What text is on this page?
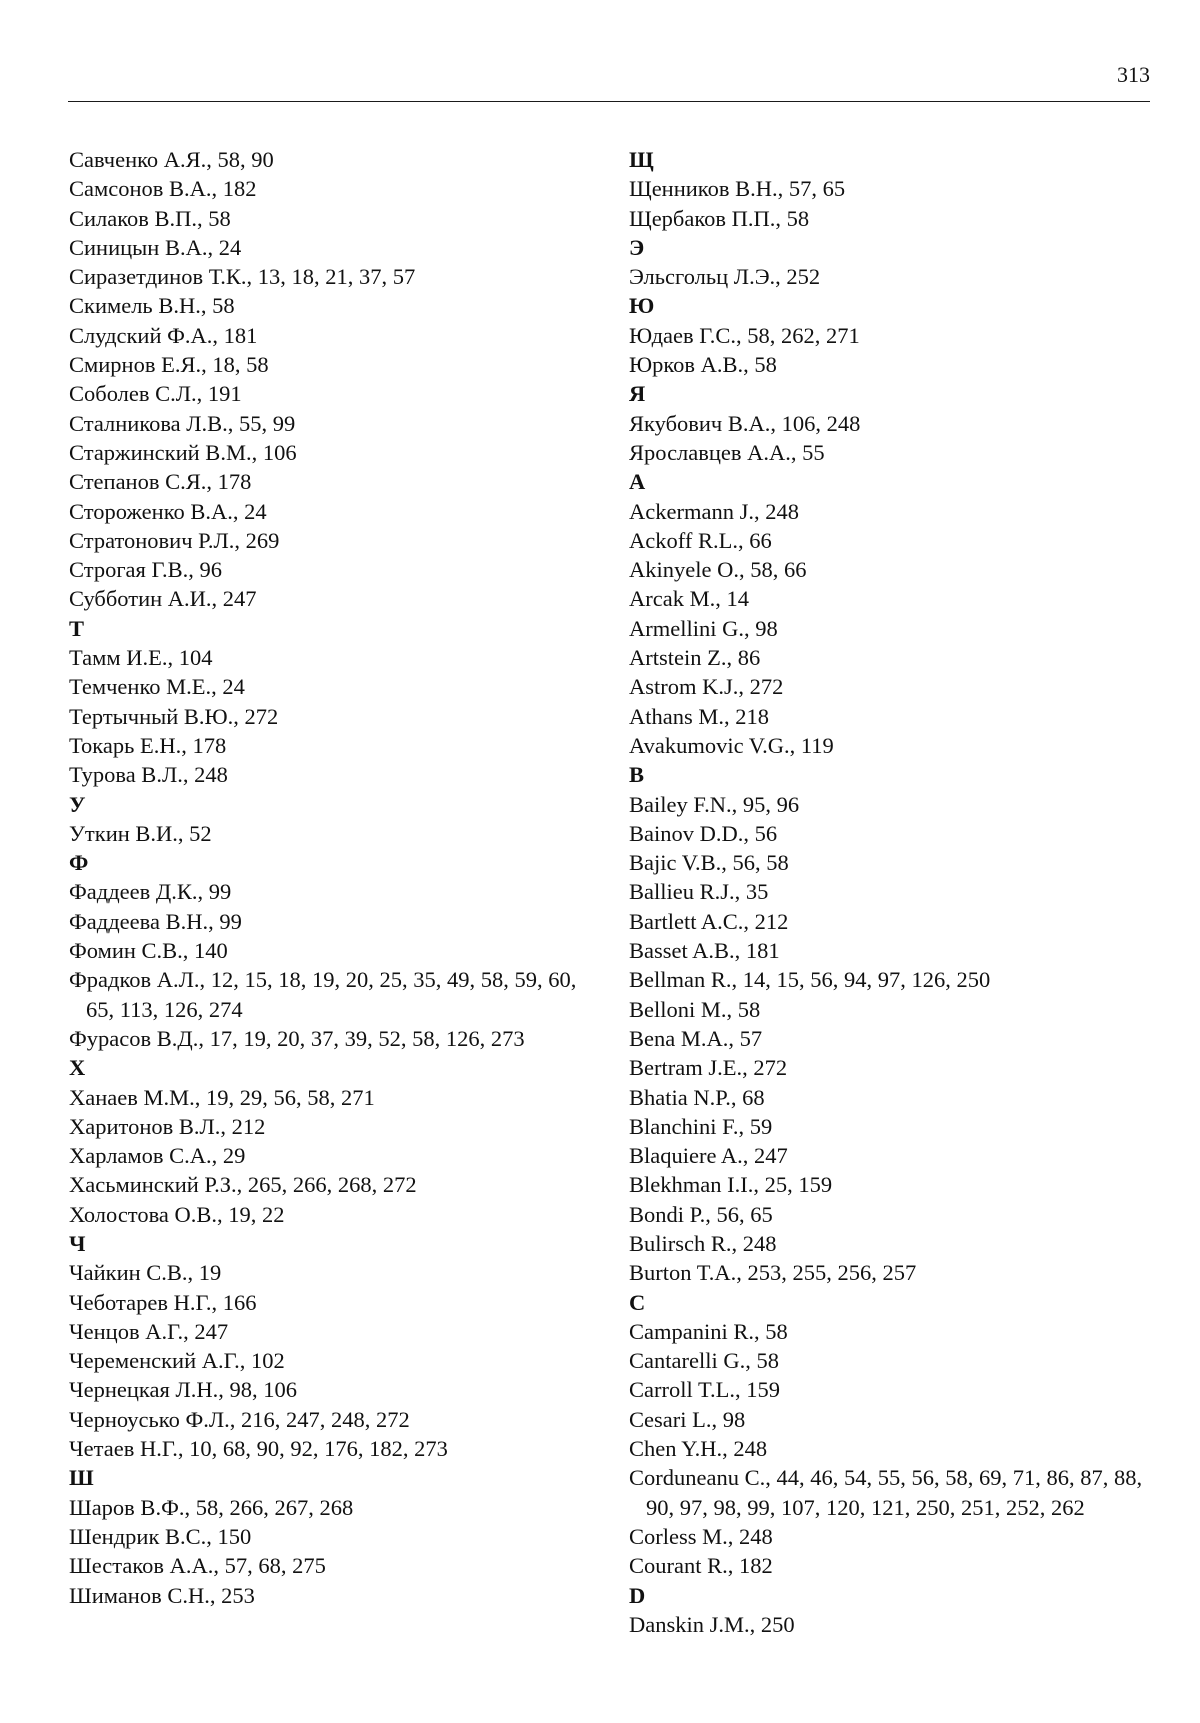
313
Савченко А.Я., 58, 90
Самсонов В.А., 182
Силаков В.П., 58
Синицын В.А., 24
Сиразетдинов Т.К., 13, 18, 21, 37, 57
Скимель В.Н., 58
Слудский Ф.А., 181
Смирнов Е.Я., 18, 58
Соболев С.Л., 191
Сталникова Л.В., 55, 99
Старжинский В.М., 106
Степанов С.Я., 178
Стороженко В.А., 24
Стратонович Р.Л., 269
Строгая Г.В., 96
Субботин А.И., 247
Т
Тамм И.Е., 104
Темченко М.Е., 24
Тертычный В.Ю., 272
Токарь Е.Н., 178
Турова В.Л., 248
У
Уткин В.И., 52
Ф
Фаддеев Д.К., 99
Фаддеева В.Н., 99
Фомин С.В., 140
Фрадков А.Л., 12, 15, 18, 19, 20, 25, 35, 49, 58, 59, 60, 65, 113, 126, 274
Фурасов В.Д., 17, 19, 20, 37, 39, 52, 58, 126, 273
Х
Ханаев М.М., 19, 29, 56, 58, 271
Харитонов В.Л., 212
Харламов С.А., 29
Хасьминский Р.З., 265, 266, 268, 272
Холостова О.В., 19, 22
Ч
Чайкин С.В., 19
Чеботарев Н.Г., 166
Ченцов А.Г., 247
Черeменский А.Г., 102
Чернецкая Л.Н., 98, 106
Черноусько Ф.Л., 216, 247, 248, 272
Четаев Н.Г., 10, 68, 90, 92, 176, 182, 273
Ш
Шаров В.Ф., 58, 266, 267, 268
Шендрик В.С., 150
Шестаков А.А., 57, 68, 275
Шиманов С.Н., 253
Щ
Щенников В.Н., 57, 65
Щербаков П.П., 58
Э
Эльсгольц Л.Э., 252
Ю
Юдаев Г.С., 58, 262, 271
Юрков А.В., 58
Я
Якубович В.А., 106, 248
Ярославцев А.А., 55
A
Ackermann J., 248
Ackoff R.L., 66
Akinyele O., 58, 66
Arcak M., 14
Armellini G., 98
Artstein Z., 86
Astrom K.J., 272
Athans M., 218
Avakumovic V.G., 119
B
Bailey F.N., 95, 96
Bainov D.D., 56
Bajic V.B., 56, 58
Ballieu R.J., 35
Bartlett A.C., 212
Basset A.B., 181
Bellman R., 14, 15, 56, 94, 97, 126, 250
Belloni M., 58
Bena M.A., 57
Bertram J.E., 272
Bhatia N.P., 68
Blanchini F., 59
Blaquiere A., 247
Blekhman I.I., 25, 159
Bondi P., 56, 65
Bulirsch R., 248
Burton T.A., 253, 255, 256, 257
C
Campanini R., 58
Cantarelli G., 58
Carroll T.L., 159
Cesari L., 98
Chen Y.H., 248
Corduneanu C., 44, 46, 54, 55, 56, 58, 69, 71, 86, 87, 88, 90, 97, 98, 99, 107, 120, 121, 250, 251, 252, 262
Corless M., 248
Courant R., 182
D
Danskin J.M., 250
